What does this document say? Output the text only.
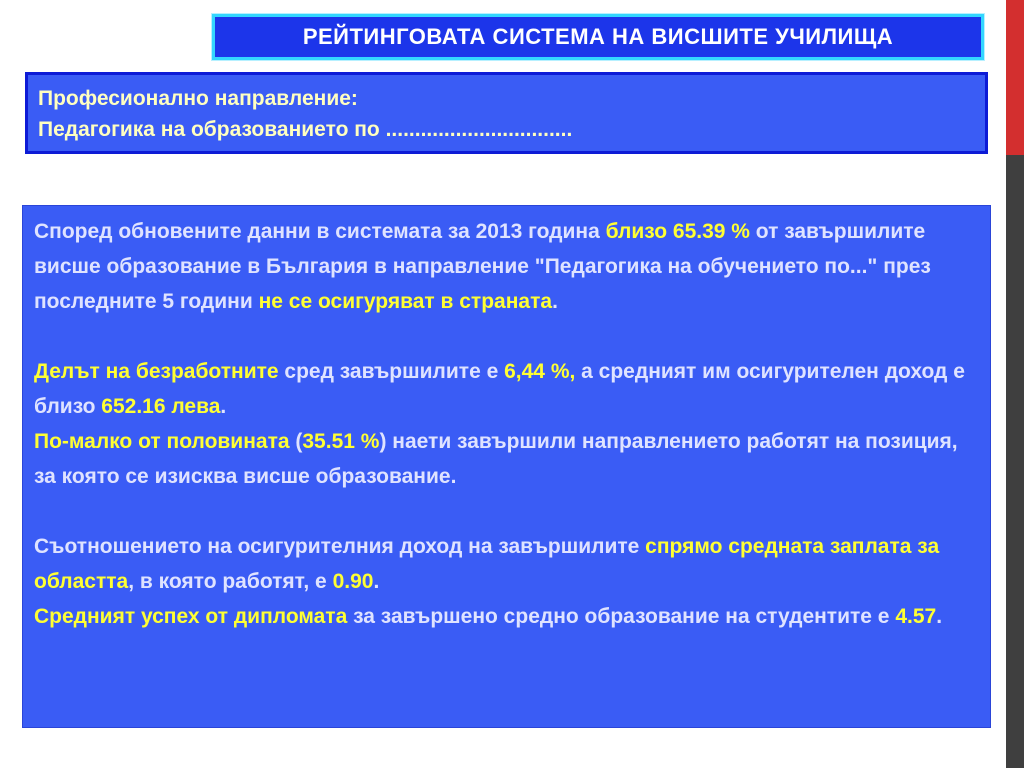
РЕЙТИНГОВАТА СИСТЕМА НА ВИСШИТЕ УЧИЛИЩА
Професионално направление:
Педагогика на образованието по ................................

Според обновените данни в системата за 2013 година близо 65.39 % от завършилите висше образование в България в направление "Педагогика на обучението по..." през последните 5 години не се осигуряват в страната.

Делът на безработните сред завършилите е 6,44 %, а средният им осигурителен доход е близо 652.16 лева.

По-малко от половината (35.51 %) наети завършили направлението работят на позиция, за която се изисква висше образование.

Съотношението на осигурителния доход на завършилите спрямо средната заплата за областта, в която работят, е 0.90.

Средният успех от дипломата за завършено средно образование на студентите е 4.57.
